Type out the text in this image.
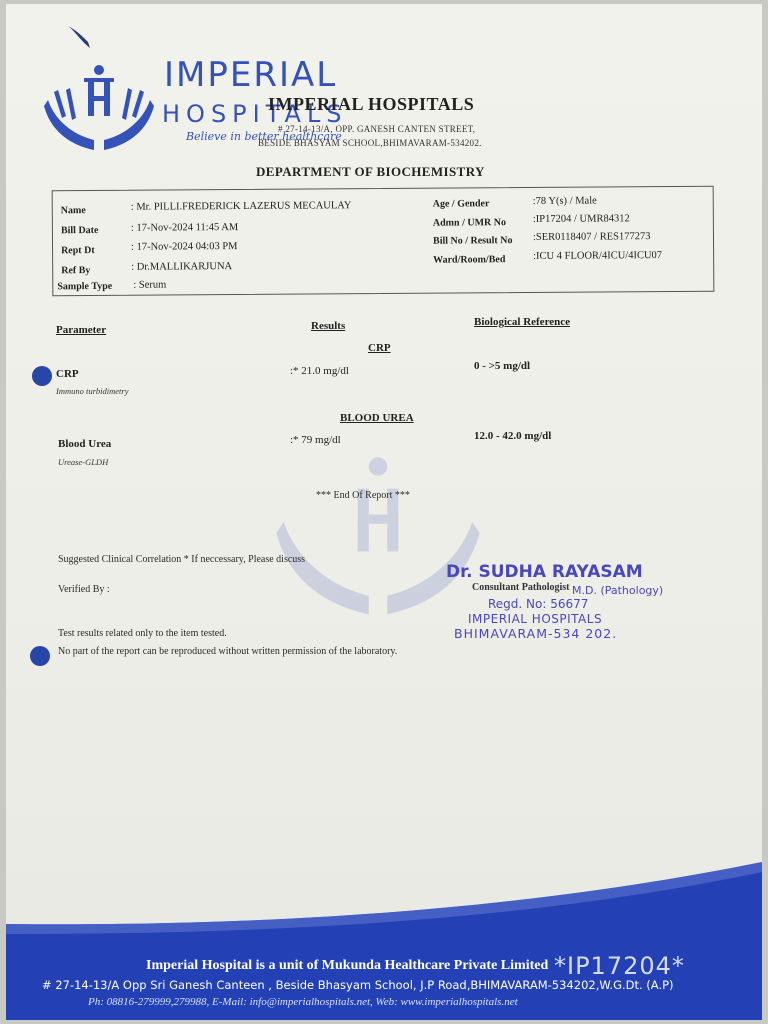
IMPERIAL
HOSPITALS
Believe in better healthcare
IMPERIAL HOSPITALS
# 27-14-13/A, OPP. GANESH CANTEN STREET,
BESIDE BHASYAM SCHOOL,BHIMAVARAM-534202.
DEPARTMENT OF BIOCHEMISTRY
Name	: Mr. PILLI.FREDERICK LAZERUS MECAULAY
Bill Date	: 17-Nov-2024 11:45 AM
Rept Dt	: 17-Nov-2024 04:03 PM
Ref By	: Dr.MALLIKARJUNA
Sample Type : Serum
Age / Gender	:78 Y(s) / Male
Admn / UMR No	:IP17204 / UMR84312
Bill No / Result No :SER0118407 / RES177273
Ward/Room/Bed	:ICU 4 FLOOR/4ICU/4ICU07
Parameter	Results	Biological Reference
CRP
CRP
Immuno turbidimetry
:* 21.0 mg/dl	0 - >5 mg/dl
BLOOD UREA
Blood Urea
Urease-GLDH
:* 79 mg/dl	12.0 - 42.0 mg/dl
*** End Of Report ***
Suggested Clinical Correlation * If neccessary, Please discuss
Verified By :
Test results related only to the item tested.
No part of the report can be reproduced without written permission of the laboratory.
Dr. SUDHA RAYASAM
M.D. (Pathology)
Consultant Pathologist
Regd. No: 56677
IMPERIAL HOSPITALS
BHIMAVARAM-534 202.
*IP17204*
Imperial Hospital is a unit of Mukunda Healthcare Private Limited
# 27-14-13/A Opp Sri Ganesh Canteen , Beside Bhasyam School, J.P Road,BHIMAVARAM-534202,W.G.Dt. (A.P)
Ph: 08816-279999,279988, E-Mail: info@imperialhospitals.net, Web: www.imperialhospitals.net
